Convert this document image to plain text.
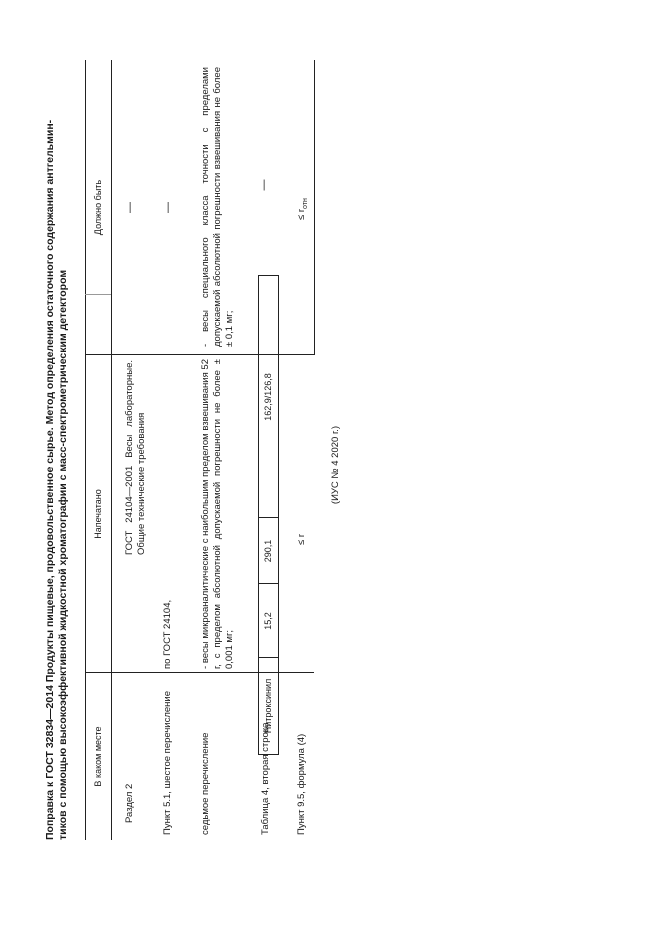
Поправка к ГОСТ 32834—2014 Продукты пищевые, продовольственное сырье. Метод определения остаточного содержания антгельмин- тиков с помощью высокоэффективной жидкостной хроматографии с масс-спектрометрическим детектором	В каком месте
Напечатано
Должно быть
Раздел 2
ГОСТ 24104—2001 Весы лабораторные. Общие технические требования
—
Пункт 5.1, шестое перечисление
по ГОСТ 24104,
—
седьмое перечисление
- весы микроаналитические с наибольшим пределом взвешивания 52 г, с пределом абсолютной допускаемой погрешности не более ± 0,001 мг;
- весы специального класса точности с пределами допускаемой абсолютной погрешности взвешивания не более ± 0,1 мг;
Таблица 4, вторая строка
Нитроксинил
15,2
290,1
162,9/126,8
—
Пункт 9.5, формула (4)
≤ r
≤ $r_{отн}$
(ИУС № 4 2020 г.)
